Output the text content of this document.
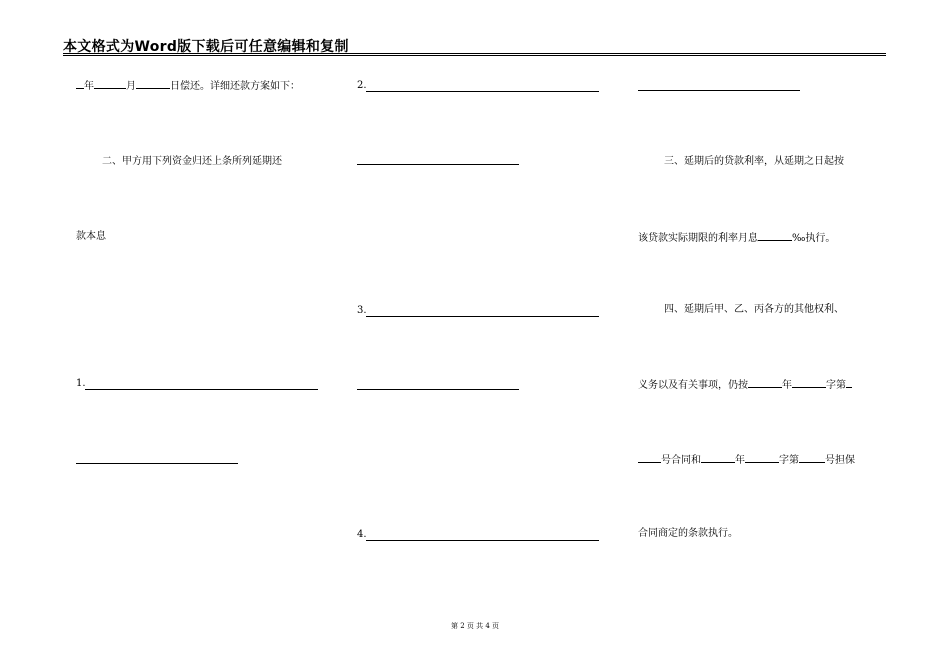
本文格式为Word版下载后可任意编辑和复制
年	月	日偿还。详细还款方案如下：
二、甲方用下列资金归还上条所列延期还
款本息
1.
2.
3.
4.
三、延期后的贷款利率，从延期之日起按
该贷款实际期限的利率月息	‰执行。
四、延期后甲、乙、丙各方的其他权利、
义务以及有关事项，仍按	年	字第
号合同和	年	字第	号担保
合同商定的条款执行。
第 2 页 共 4 页
